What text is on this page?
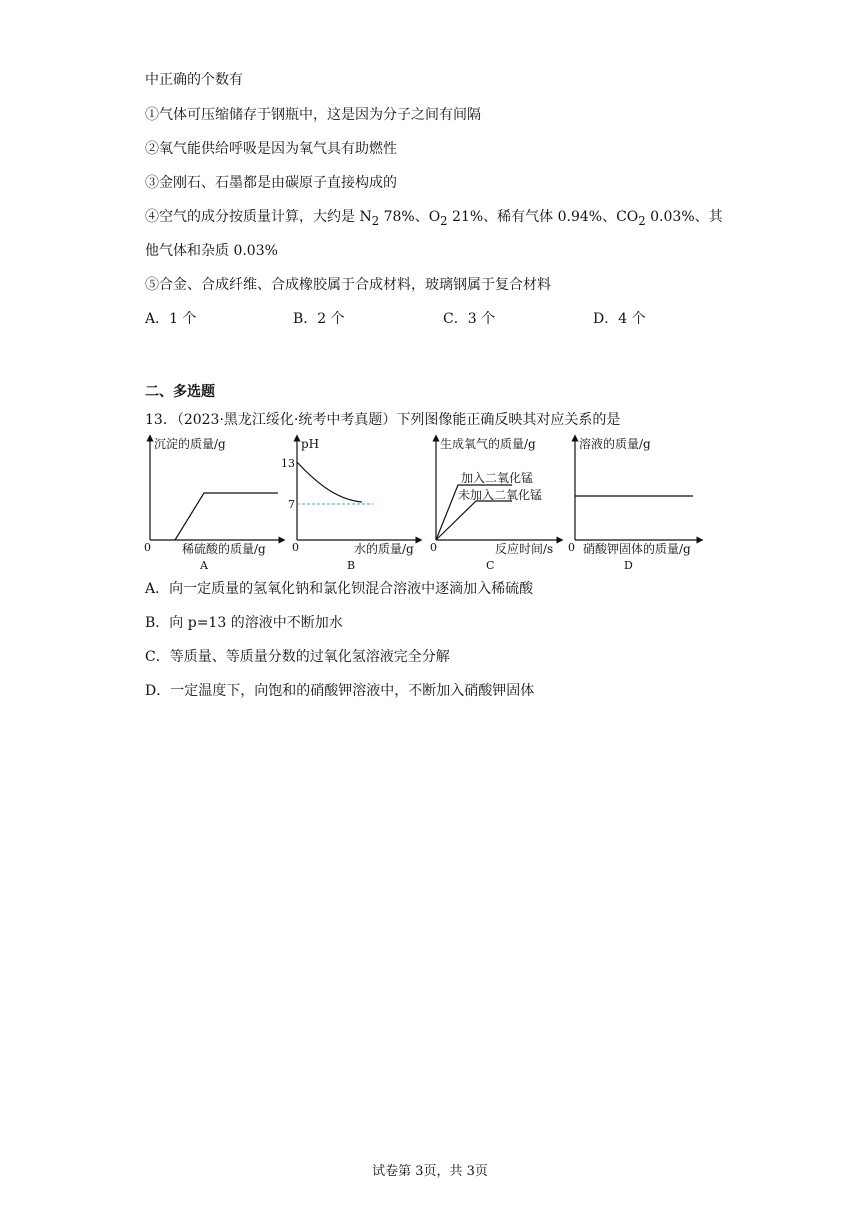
中正确的个数有
①气体可压缩储存于钢瓶中，这是因为分子之间有间隔
②氧气能供给呼吸是因为氧气具有助燃性
③金刚石、石墨都是由碳原子直接构成的
④空气的成分按质量计算，大约是 $N_2$ 78%、$O_2$ 21%、稀有气体 0.94%、$CO_2$ 0.03%、其
他气体和杂质 0.03%
⑤合金、合成纤维、合成橡胶属于合成材料，玻璃钢属于复合材料
A．1 个	B．2 个	C．3 个	D．4 个
二、多选题
13．（2023·黑龙江绥化·统考中考真题）下列图像能正确反映其对应关系的是
沉淀的质量/g
0	稀硫酸的质量/g
A
pH
13
7
0	水的质量/g
B
生成氧气的质量/g
加入二氧化锰
未加入二氧化锰
0	反应时间/s
C
溶液的质量/g
0 硝酸钾固体的质量/g
D
A．向一定质量的氢氧化钠和氯化钡混合溶液中逐滴加入稀硫酸
B．向 p=13 的溶液中不断加水
C．等质量、等质量分数的过氧化氢溶液完全分解
D．一定温度下，向饱和的硝酸钾溶液中，不断加入硝酸钾固体
试卷第 3页，共 3页
